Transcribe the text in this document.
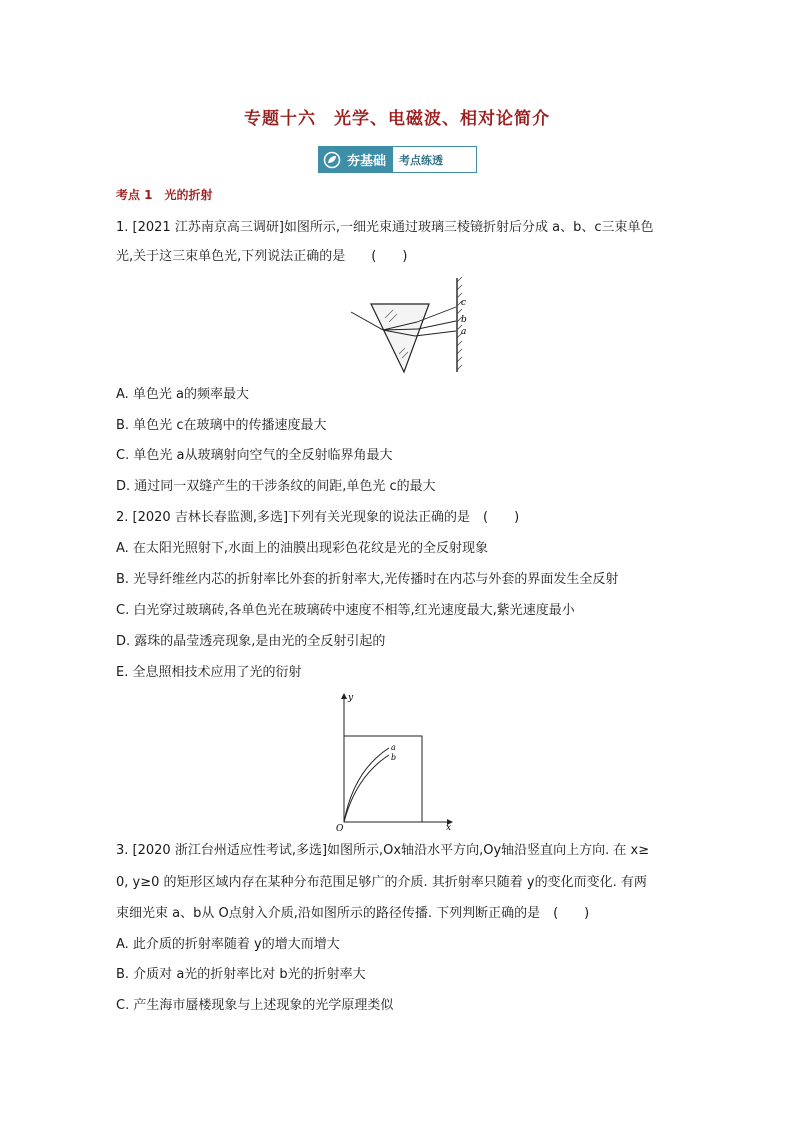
专题十六　光学、电磁波、相对论简介
夯基础	考点练透
考点 1　光的折射
1. [2021 江苏南京高三调研]如图所示,一细光束通过玻璃三棱镜折射后分成 a、b、c三束单色
光,关于这三束单色光,下列说法正确的是　　(　　)
c
b
a
A. 单色光 a的频率最大
B. 单色光 c在玻璃中的传播速度最大
C. 单色光 a从玻璃射向空气的全反射临界角最大
D. 通过同一双缝产生的干涉条纹的间距,单色光 c的最大
2. [2020 吉林长春监测,多选]下列有关光现象的说法正确的是　(　　)
A. 在太阳光照射下,水面上的油膜出现彩色花纹是光的全反射现象
B. 光导纤维丝内芯的折射率比外套的折射率大,光传播时在内芯与外套的界面发生全反射
C. 白光穿过玻璃砖,各单色光在玻璃砖中速度不相等,红光速度最大,紫光速度最小
D. 露珠的晶莹透亮现象,是由光的全反射引起的
E. 全息照相技术应用了光的衍射
y
x
O
a
b
3. [2020 浙江台州适应性考试,多选]如图所示,Ox轴沿水平方向,Oy轴沿竖直向上方向. 在 x≥
0, y≥0 的矩形区域内存在某种分布范围足够广的介质. 其折射率只随着 y的变化而变化. 有两
束细光束 a、b从 O点射入介质,沿如图所示的路径传播. 下列判断正确的是　(　　)
A. 此介质的折射率随着 y的增大而增大
B. 介质对 a光的折射率比对 b光的折射率大
C. 产生海市蜃楼现象与上述现象的光学原理类似
